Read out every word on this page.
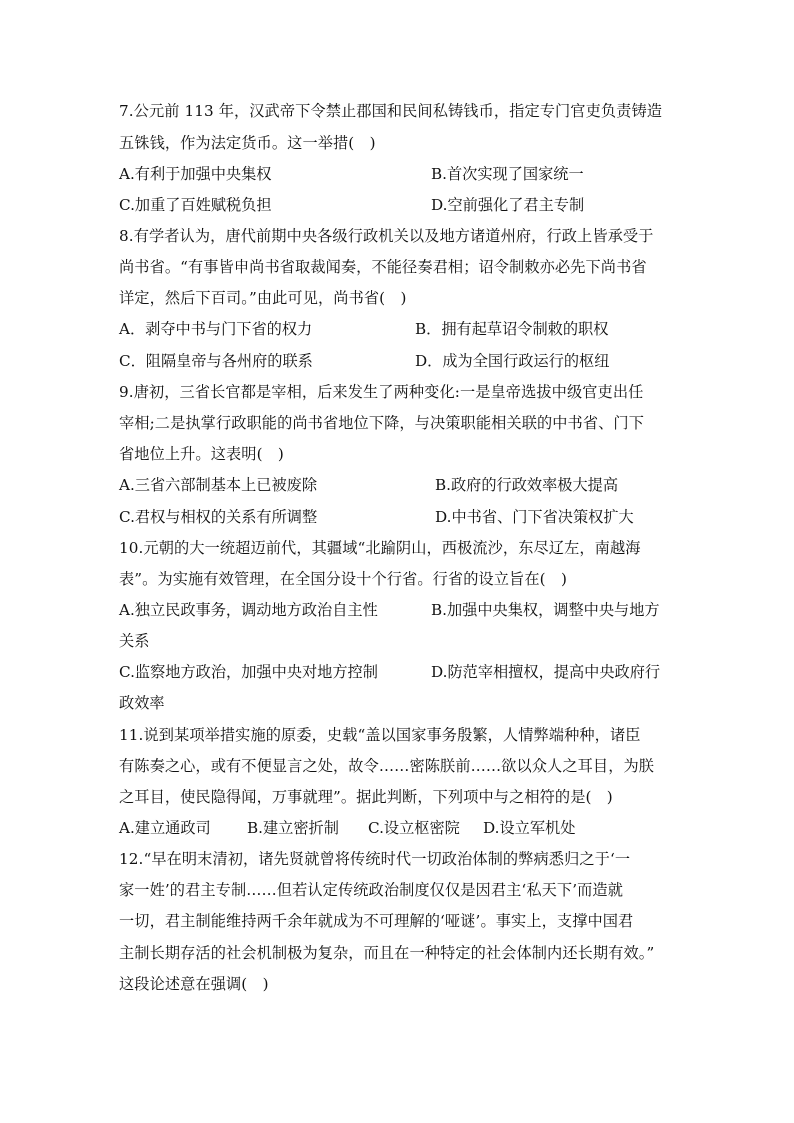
7.公元前 113 年，汉武帝下令禁止郡国和民间私铸钱币，指定专门官吏负责铸造
五铢钱，作为法定货币。这一举措(　)
A.有利于加强中央集权	B.首次实现了国家统一
C.加重了百姓赋税负担	D.空前强化了君主专制
8.有学者认为，唐代前期中央各级行政机关以及地方诸道州府，行政上皆承受于
尚书省。“有事皆申尚书省取裁闻奏，不能径奏君相；诏令制敕亦必先下尚书省
详定，然后下百司。”由此可见，尚书省(　)
A．剥夺中书与门下省的权力	B．拥有起草诏令制敕的职权
C．阻隔皇帝与各州府的联系	D．成为全国行政运行的枢纽
9.唐初，三省长官都是宰相，后来发生了两种变化:一是皇帝选拔中级官吏出任
宰相;二是执掌行政职能的尚书省地位下降，与决策职能相关联的中书省、门下
省地位上升。这表明(　)
A.三省六部制基本上已被废除	B.政府的行政效率极大提高
C.君权与相权的关系有所调整	D.中书省、门下省决策权扩大
10.元朝的大一统超迈前代，其疆域“北踰阴山，西极流沙，东尽辽左，南越海
表”。为实施有效管理，在全国分设十个行省。行省的设立旨在(　)
A.独立民政事务，调动地方政治自主性	B.加强中央集权，调整中央与地方
关系
C.监察地方政治，加强中央对地方控制	D.防范宰相擅权，提高中央政府行
政效率
11.说到某项举措实施的原委，史载“盖以国家事务殷繁，人情弊端种种，诸臣
有陈奏之心，或有不便显言之处，故令……密陈朕前……欲以众人之耳目，为朕
之耳目，使民隐得闻，万事就理”。据此判断，下列项中与之相符的是(　)
A.建立通政司 B.建立密折制 C.设立枢密院 D.设立军机处
12.“早在明末清初，诸先贤就曾将传统时代一切政治体制的弊病悉归之于‘一
家一姓’的君主专制……但若认定传统政治制度仅仅是因君主‘私天下’而造就
一切，君主制能维持两千余年就成为不可理解的‘哑谜’。事实上，支撑中国君
主制长期存活的社会机制极为复杂，而且在一种特定的社会体制内还长期有效。”
这段论述意在强调(　)
